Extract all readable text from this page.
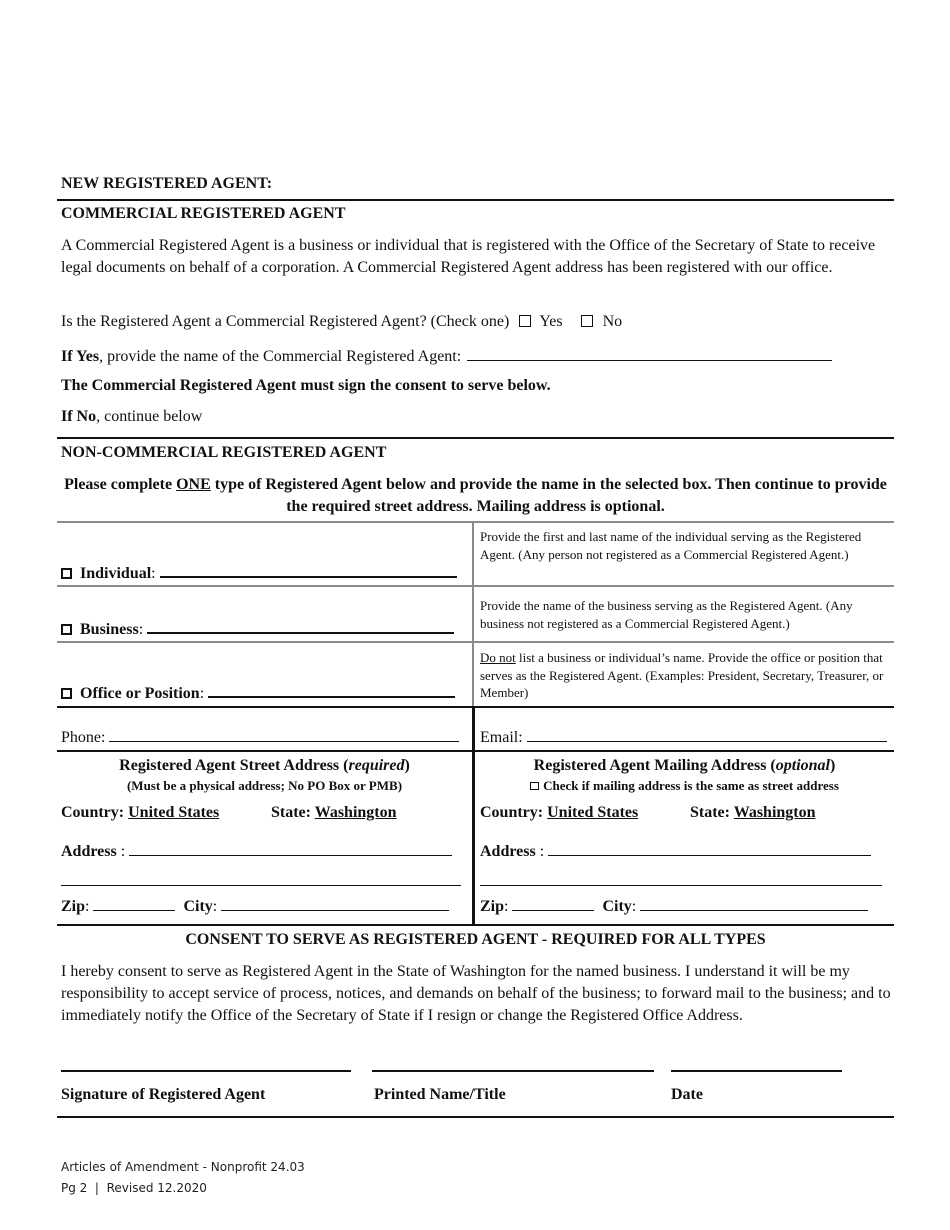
NEW REGISTERED AGENT:
COMMERCIAL REGISTERED AGENT
A Commercial Registered Agent is a business or individual that is registered with the Office of the Secretary of State to receive legal documents on behalf of a corporation. A Commercial Registered Agent address has been registered with our office.
Is the Registered Agent a Commercial Registered Agent? (Check one) Yes	No
If Yes, provide the name of the Commercial Registered Agent:
The Commercial Registered Agent must sign the consent to serve below.
If No, continue below
NON-COMMERCIAL REGISTERED AGENT
Please complete ONE type of Registered Agent below and provide the name in the selected box. Then continue to provide the required street address. Mailing address is optional.
Individual:
Provide the first and last name of the individual serving as the Registered Agent. (Any person not registered as a Commercial Registered Agent.)
Business:
Provide the name of the business serving as the Registered Agent. (Any business not registered as a Commercial Registered Agent.)
Office or Position:
Do not list a business or individual’s name. Provide the office or position that serves as the Registered Agent. (Examples: President, Secretary, Treasurer, or Member)
Phone:	Email:
Registered Agent Street Address (required)
(Must be a physical address; No PO Box or PMB)
Country: United States	State: Washington
Address :
Zip:	City:
Registered Agent Mailing Address (optional)
Check if mailing address is the same as street address
Country: United States	State: Washington
Address :
Zip:	City:
CONSENT TO SERVE AS REGISTERED AGENT - REQUIRED FOR ALL TYPES
I hereby consent to serve as Registered Agent in the State of Washington for the named business. I understand it will be my responsibility to accept service of process, notices, and demands on behalf of the business; to forward mail to the business; and to immediately notify the Office of the Secretary of State if I resign or change the Registered Office Address.
Signature of Registered Agent	Printed Name/Title	Date
Articles of Amendment - Nonprofit 24.03
Pg 2  |  Revised 12.2020
